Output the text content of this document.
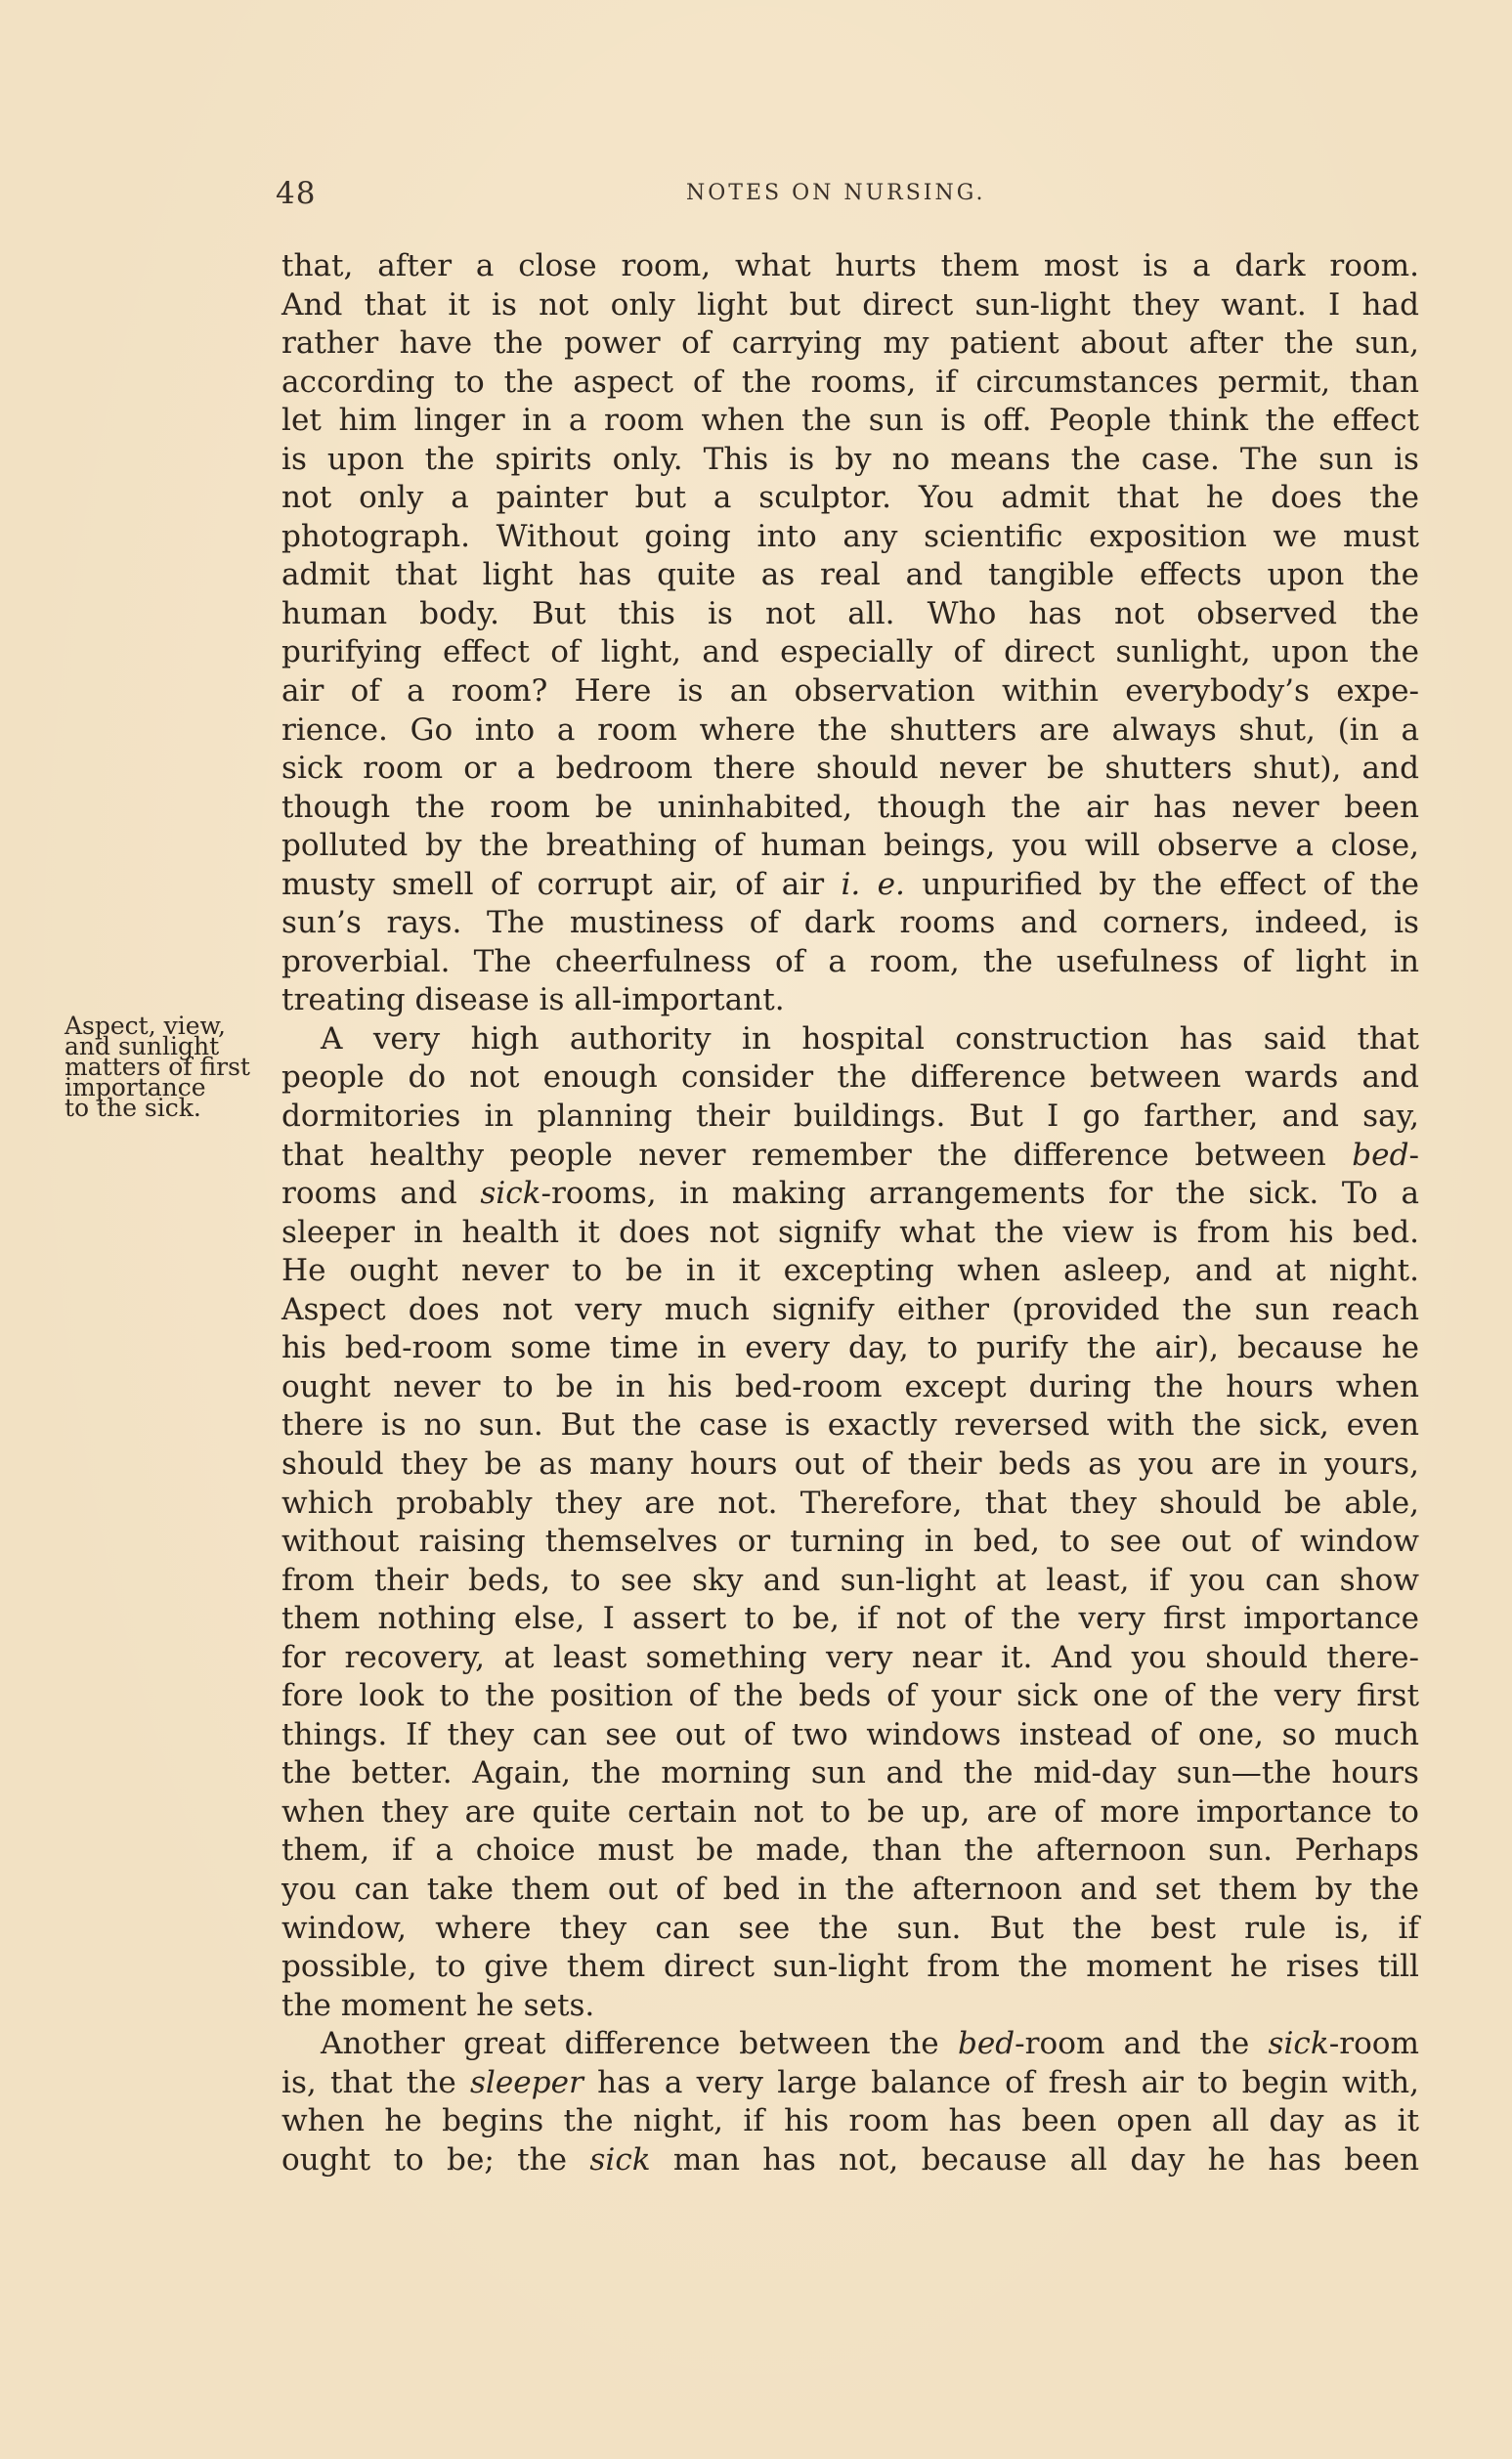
48	NOTES ON NURSING.
Aspect, view,
and sunlight
matters of first
importance
to the sick.
that, after a close room, what hurts them most is a dark room.
And that it is not only light but direct sun-light they want. I had
rather have the power of carrying my patient about after the sun,
according to the aspect of the rooms, if circumstances permit, than
let him linger in a room when the sun is off. People think the effect
is upon the spirits only. This is by no means the case. The sun is
not only a painter but a sculptor. You admit that he does the
photograph. Without going into any scientific exposition we must
admit that light has quite as real and tangible effects upon the
human body. But this is not all. Who has not observed the
purifying effect of light, and especially of direct sunlight, upon the
air of a room? Here is an observation within everybody’s expe-
rience. Go into a room where the shutters are always shut, (in a
sick room or a bedroom there should never be shutters shut), and
though the room be uninhabited, though the air has never been
polluted by the breathing of human beings, you will observe a close,
musty smell of corrupt air, of air i. e. unpurified by the effect of the
sun’s rays. The mustiness of dark rooms and corners, indeed, is
proverbial. The cheerfulness of a room, the usefulness of light in
treating disease is all-important.
A very high authority in hospital construction has said that
people do not enough consider the difference between wards and
dormitories in planning their buildings. But I go farther, and say,
that healthy people never remember the difference between bed-
rooms and sick-rooms, in making arrangements for the sick. To a
sleeper in health it does not signify what the view is from his bed.
He ought never to be in it excepting when asleep, and at night.
Aspect does not very much signify either (provided the sun reach
his bed-room some time in every day, to purify the air), because he
ought never to be in his bed-room except during the hours when
there is no sun. But the case is exactly reversed with the sick, even
should they be as many hours out of their beds as you are in yours,
which probably they are not. Therefore, that they should be able,
without raising themselves or turning in bed, to see out of window
from their beds, to see sky and sun-light at least, if you can show
them nothing else, I assert to be, if not of the very first importance
for recovery, at least something very near it. And you should there-
fore look to the position of the beds of your sick one of the very first
things. If they can see out of two windows instead of one, so much
the better. Again, the morning sun and the mid-day sun—the hours
when they are quite certain not to be up, are of more importance to
them, if a choice must be made, than the afternoon sun. Perhaps
you can take them out of bed in the afternoon and set them by the
window, where they can see the sun. But the best rule is, if
possible, to give them direct sun-light from the moment he rises till
the moment he sets.
Another great difference between the bed-room and the sick-room
is, that the sleeper has a very large balance of fresh air to begin with,
when he begins the night, if his room has been open all day as it
ought to be; the sick man has not, because all day he has been
